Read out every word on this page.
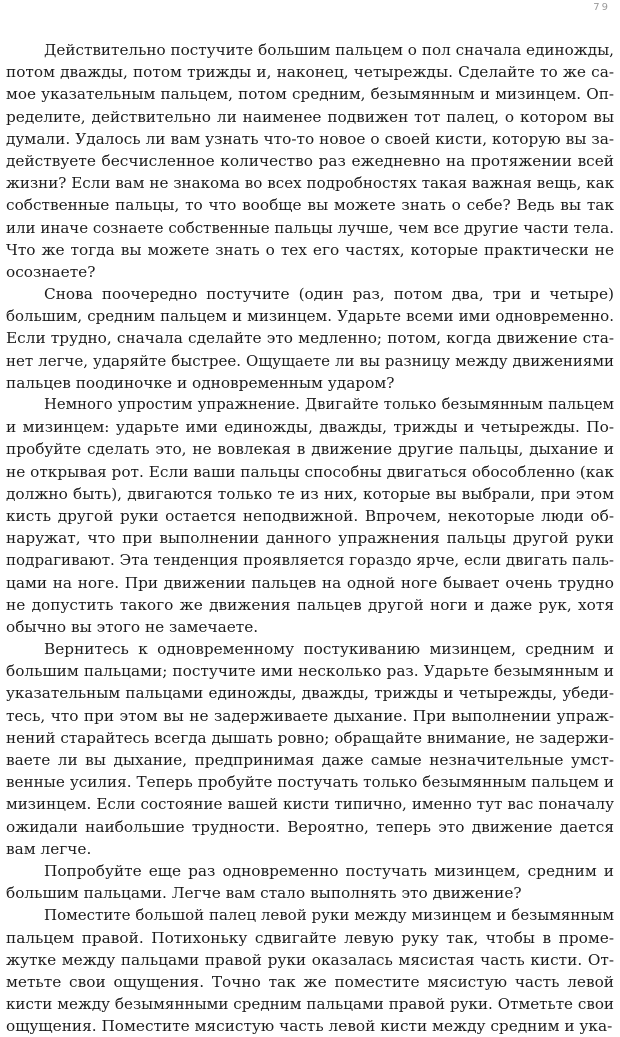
79
Действительно постучите большим пальцем о пол сначала единожды,
потом дважды, потом трижды и, наконец, четырежды. Сделайте то же са-
мое указательным пальцем, потом средним, безымянным и мизинцем. Оп-
ределите, действительно ли наименее подвижен тот палец, о котором вы
думали. Удалось ли вам узнать что-то новое о своей кисти, которую вы за-
действуете бесчисленное количество раз ежедневно на протяжении всей
жизни? Если вам не знакома во всех подробностях такая важная вещь, как
собственные пальцы, то что вообще вы можете знать о себе? Ведь вы так
или иначе сознаете собственные пальцы лучше, чем все другие части тела.
Что же тогда вы можете знать о тех его частях, которые практически не
осознаете?
Снова поочередно постучите (один раз, потом два, три и четыре)
большим, средним пальцем и мизинцем. Ударьте всеми ими одновременно.
Если трудно, сначала сделайте это медленно; потом, когда движение ста-
нет легче, ударяйте быстрее. Ощущаете ли вы разницу между движениями
пальцев поодиночке и одновременным ударом?
Немного упростим упражнение. Двигайте только безымянным пальцем
и мизинцем: ударьте ими единожды, дважды, трижды и четырежды. По-
пробуйте сделать это, не вовлекая в движение другие пальцы, дыхание и
не открывая рот. Если ваши пальцы способны двигаться обособленно (как
должно быть), двигаются только те из них, которые вы выбрали, при этом
кисть другой руки остается неподвижной. Впрочем, некоторые люди об-
наружат, что при выполнении данного упражнения пальцы другой руки
подрагивают. Эта тенденция проявляется гораздо ярче, если двигать паль-
цами на ноге. При движении пальцев на одной ноге бывает очень трудно
не допустить такого же движения пальцев другой ноги и даже рук, хотя
обычно вы этого не замечаете.
Вернитесь к одновременному постукиванию мизинцем, средним и
большим пальцами; постучите ими несколько раз. Ударьте безымянным и
указательным пальцами единожды, дважды, трижды и четырежды, убеди-
тесь, что при этом вы не задерживаете дыхание. При выполнении упраж-
нений старайтесь всегда дышать ровно; обращайте внимание, не задержи-
ваете ли вы дыхание, предпринимая даже самые незначительные умст-
венные усилия. Теперь пробуйте постучать только безымянным пальцем и
мизинцем. Если состояние вашей кисти типично, именно тут вас поначалу
ожидали наибольшие трудности. Вероятно, теперь это движение дается
вам легче.
Попробуйте еще раз одновременно постучать мизинцем, средним и
большим пальцами. Легче вам стало выполнять это движение?
Поместите большой палец левой руки между мизинцем и безымянным
пальцем правой. Потихоньку сдвигайте левую руку так, чтобы в проме-
жутке между пальцами правой руки оказалась мясистая часть кисти. От-
метьте свои ощущения. Точно так же поместите мясистую часть левой
кисти между безымянными средним пальцами правой руки. Отметьте свои
ощущения. Поместите мясистую часть левой кисти между средним и ука-
